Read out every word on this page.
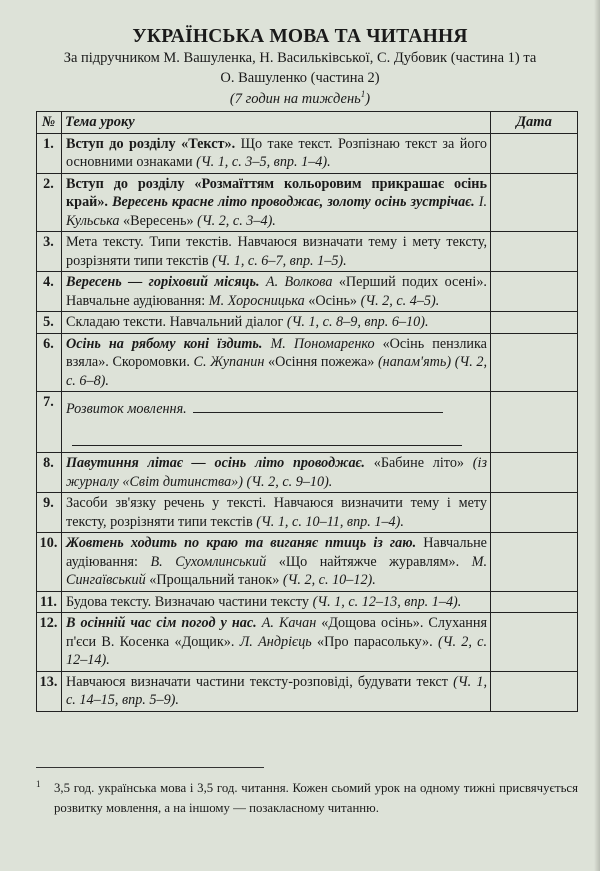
УКРАЇНСЬКА МОВА ТА ЧИТАННЯ
За підручником М. Вашуленка, Н. Васильківської, С. Дубовик (частина 1) та
О. Вашуленко (частина 2)
(7 годин на тиждень$^1$)
№	Тема уроку	Дата
1.	Вступ до розділу «Текст». Що таке текст. Розпізнаю текст за його основними ознаками (Ч. 1, с. 3–5, впр. 1–4).	
2.	Вступ до розділу «Розмаїттям кольоровим прикрашає осінь край». Вересень красне літо проводжає, золоту осінь зустрічає. І. Кульська «Вересень» (Ч. 2, с. 3–4).	
3.	Мета тексту. Типи текстів. Навчаюся визначати тему і мету тексту, розрізняти типи текстів (Ч. 1, с. 6–7, впр. 1–5).	
4.	Вересень — горіховий місяць. А. Волкова «Перший подих осені». Навчальне аудіювання: М. Хоросницька «Осінь» (Ч. 2, с. 4–5).	
5.	Складаю тексти. Навчальний діалог (Ч. 1, с. 8–9, впр. 6–10).	
6.	Осінь на рябому коні їздить. М. Пономаренко «Осінь пензлика взяла». Скоромовки. С. Жупанин «Осіння пожежа» (напам'ять) (Ч. 2, с. 6–8).	
7.	Розвиток мовлення.

8.	Павутиння літає — осінь літо проводжає. «Бабине літо» (із журналу «Світ дитинства») (Ч. 2, с. 9–10).	
9.	Засоби зв'язку речень у тексті. Навчаюся визначити тему і мету тексту, розрізняти типи текстів (Ч. 1, с. 10–11, впр. 1–4).	
10.	Жовтень ходить по краю та виганяє птиць із гаю. Навчальне аудіювання: В. Сухомлинський «Що найтяжче журавлям». М. Сингаївський «Прощальний танок» (Ч. 2, с. 10–12).	
11.	Будова тексту. Визначаю частини тексту (Ч. 1, с. 12–13, впр. 1–4).	
12.	В осінній час сім погод у нас. А. Качан «Дощова осінь». Слухання п'єси В. Косенка «Дощик». Л. Андрієць «Про парасольку». (Ч. 2, с. 12–14).	
13.	Навчаюся визначати частини тексту-розповіді, будувати текст (Ч. 1, с. 14–15, впр. 5–9).	
1 3,5 год. українська мова і 3,5 год. читання. Кожен сьомий урок на одному тижні присвячується розвитку мовлення, а на іншому — позакласному читанню.
